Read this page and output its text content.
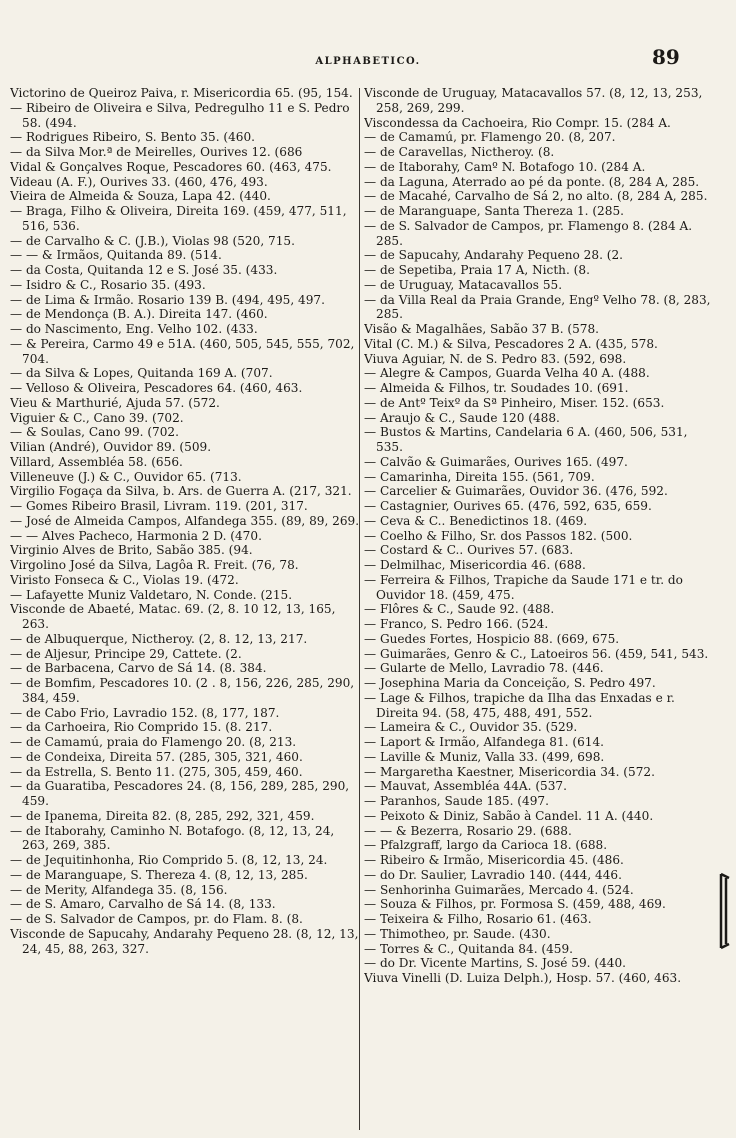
ALPHABETICO.	89
Victorino de Queiroz Paiva, r. Misericordia 65. (95, 154.
— Ribeiro de Oliveira e Silva, Pedregulho 11 e S. Pedro 58. (494.
— Rodrigues Ribeiro, S. Bento 35. (460.
— da Silva Mor.ª de Meirelles, Ourives 12. (686
Vidal & Gonçalves Roque, Pescadores 60. (463, 475.
Videau (A. F.), Ourives 33. (460, 476, 493.
Vieira de Almeida & Souza, Lapa 42. (440.
— Braga, Filho & Oliveira, Direita 169. (459, 477, 511, 516, 536.
— de Carvalho & C. (J.B.), Violas 98 (520, 715.
— — & Irmãos, Quitanda 89. (514.
— da Costa, Quitanda 12 e S. José 35. (433.
— Isidro & C., Rosario 35. (493.
— de Lima & Irmão. Rosario 139 B. (494, 495, 497.
— de Mendonça (B. A.). Direita 147. (460.
— do Nascimento, Eng. Velho 102. (433.
— & Pereira, Carmo 49 e 51A. (460, 505, 545, 555, 702, 704.
— da Silva & Lopes, Quitanda 169 A. (707.
— Velloso & Oliveira, Pescadores 64. (460, 463.
Vieu & Marthurié, Ajuda 57. (572.
Viguier & C., Cano 39. (702.
— & Soulas, Cano 99. (702.
Vilian (André), Ouvidor 89. (509.
Villard, Assembléa 58. (656.
Villeneuve (J.) & C., Ouvidor 65. (713.
Virgilio Fogaça da Silva, b. Ars. de Guerra A. (217, 321.
— Gomes Ribeiro Brasil, Livram. 119. (201, 317.
— José de Almeida Campos, Alfandega 355. (89, 89, 269.
— — Alves Pacheco, Harmonia 2 D. (470.
Virginio Alves de Brito, Sabão 385. (94.
Virgolino José da Silva, Lagôa R. Freit. (76, 78.
Viristo Fonseca & C., Violas 19. (472.
— Lafayette Muniz Valdetaro, N. Conde. (215.
Visconde de Abaeté, Matac. 69. (2, 8. 10 12, 13, 165, 263.
— de Albuquerque, Nictheroy. (2, 8. 12, 13, 217.
— de Aljesur, Principe 29, Cattete. (2.
— de Barbacena, Carvo de Sá 14. (8. 384.
— de Bomfim, Pescadores 10. (2 . 8, 156, 226, 285, 290, 384, 459.
— de Cabo Frio, Lavradio 152. (8, 177, 187.
— da Carhoeira, Rio Comprido 15. (8. 217.
— de Camamú, praia do Flamengo 20. (8, 213.
— de Condeixa, Direita 57. (285, 305, 321, 460.
— da Estrella, S. Bento 11. (275, 305, 459, 460.
— da Guaratiba, Pescadores 24. (8, 156, 289, 285, 290, 459.
— de Ipanema, Direita 82. (8, 285, 292, 321, 459.
— de Itaborahy, Caminho N. Botafogo. (8, 12, 13, 24, 263, 269, 385.
— de Jequitinhonha, Rio Comprido 5. (8, 12, 13, 24.
— de Maranguape, S. Thereza 4. (8, 12, 13, 285.
— de Merity, Alfandega 35. (8, 156.
— de S. Amaro, Carvalho de Sá 14. (8, 133.
— de S. Salvador de Campos, pr. do Flam. 8. (8.
Visconde de Sapucahy, Andarahy Pequeno 28. (8, 12, 13, 24, 45, 88, 263, 327.
Visconde de Uruguay, Matacavallos 57. (8, 12, 13, 253, 258, 269, 299.
Viscondessa da Cachoeira, Rio Compr. 15. (284 A.
— de Camamú, pr. Flamengo 20. (8, 207.
— de Caravellas, Nictheroy. (8.
— de Itaborahy, Camº N. Botafogo 10. (284 A.
— da Laguna, Aterrado ao pé da ponte. (8, 284 A, 285.
— de Macahé, Carvalho de Sá 2, no alto. (8, 284 A, 285.
— de Maranguape, Santa Thereza 1. (285.
— de S. Salvador de Campos, pr. Flamengo 8. (284 A. 285.
— de Sapucahy, Andarahy Pequeno 28. (2.
— de Sepetiba, Praia 17 A, Nicth. (8.
— de Uruguay, Matacavallos 55.
— da Villa Real da Praia Grande, Engº Velho 78. (8, 283, 285.
Visão & Magalhães, Sabão 37 B. (578.
Vital (C. M.) & Silva, Pescadores 2 A. (435, 578.
Viuva Aguiar, N. de S. Pedro 83. (592, 698.
— Alegre & Campos, Guarda Velha 40 A. (488.
— Almeida & Filhos, tr. Soudades 10. (691.
— de Antº Teixº da Sª Pinheiro, Miser. 152. (653.
— Araujo & C., Saude 120 (488.
— Bustos & Martins, Candelaria 6 A. (460, 506, 531, 535.
— Calvão & Guimarães, Ourives 165. (497.
— Camarinha, Direita 155. (561, 709.
— Carcelier & Guimarães, Ouvidor 36. (476, 592.
— Castagnier, Ourives 65. (476, 592, 635, 659.
— Ceva & C.. Benedictinos 18. (469.
— Coelho & Filho, Sr. dos Passos 182. (500.
— Costard & C.. Ourives 57. (683.
— Delmilhac, Misericordia 46. (688.
— Ferreira & Filhos, Trapiche da Saude 171 e tr. do Ouvidor 18. (459, 475.
— Flôres & C., Saude 92. (488.
— Franco, S. Pedro 166. (524.
— Guedes Fortes, Hospicio 88. (669, 675.
— Guimarães, Genro & C., Latoeiros 56. (459, 541, 543.
— Gularte de Mello, Lavradio 78. (446.
— Josephina Maria da Conceição, S. Pedro 497.
— Lage & Filhos, trapiche da Ilha das Enxadas e r. Direita 94. (58, 475, 488, 491, 552.
— Lameira & C., Ouvidor 35. (529.
— Laport & Irmão, Alfandega 81. (614.
— Laville & Muniz, Valla 33. (499, 698.
— Margaretha Kaestner, Misericordia 34. (572.
— Mauvat, Assembléa 44A. (537.
— Paranhos, Saude 185. (497.
— Peixoto & Diniz, Sabão à Candel. 11 A. (440.
— — & Bezerra, Rosario 29. (688.
— Pfalzgraff, largo da Carioca 18. (688.
— Ribeiro & Irmão, Misericordia 45. (486.
— do Dr. Saulier, Lavradio 140. (444, 446.
— Senhorinha Guimarães, Mercado 4. (524.
— Souza & Filhos, pr. Formosa S. (459, 488, 469.
— Teixeira & Filho, Rosario 61. (463.
— Thimotheo, pr. Saude. (430.
— Torres & C., Quitanda 84. (459.
— do Dr. Vicente Martins, S. José 59. (440.
Viuva Vinelli (D. Luiza Delph.), Hosp. 57. (460, 463.
